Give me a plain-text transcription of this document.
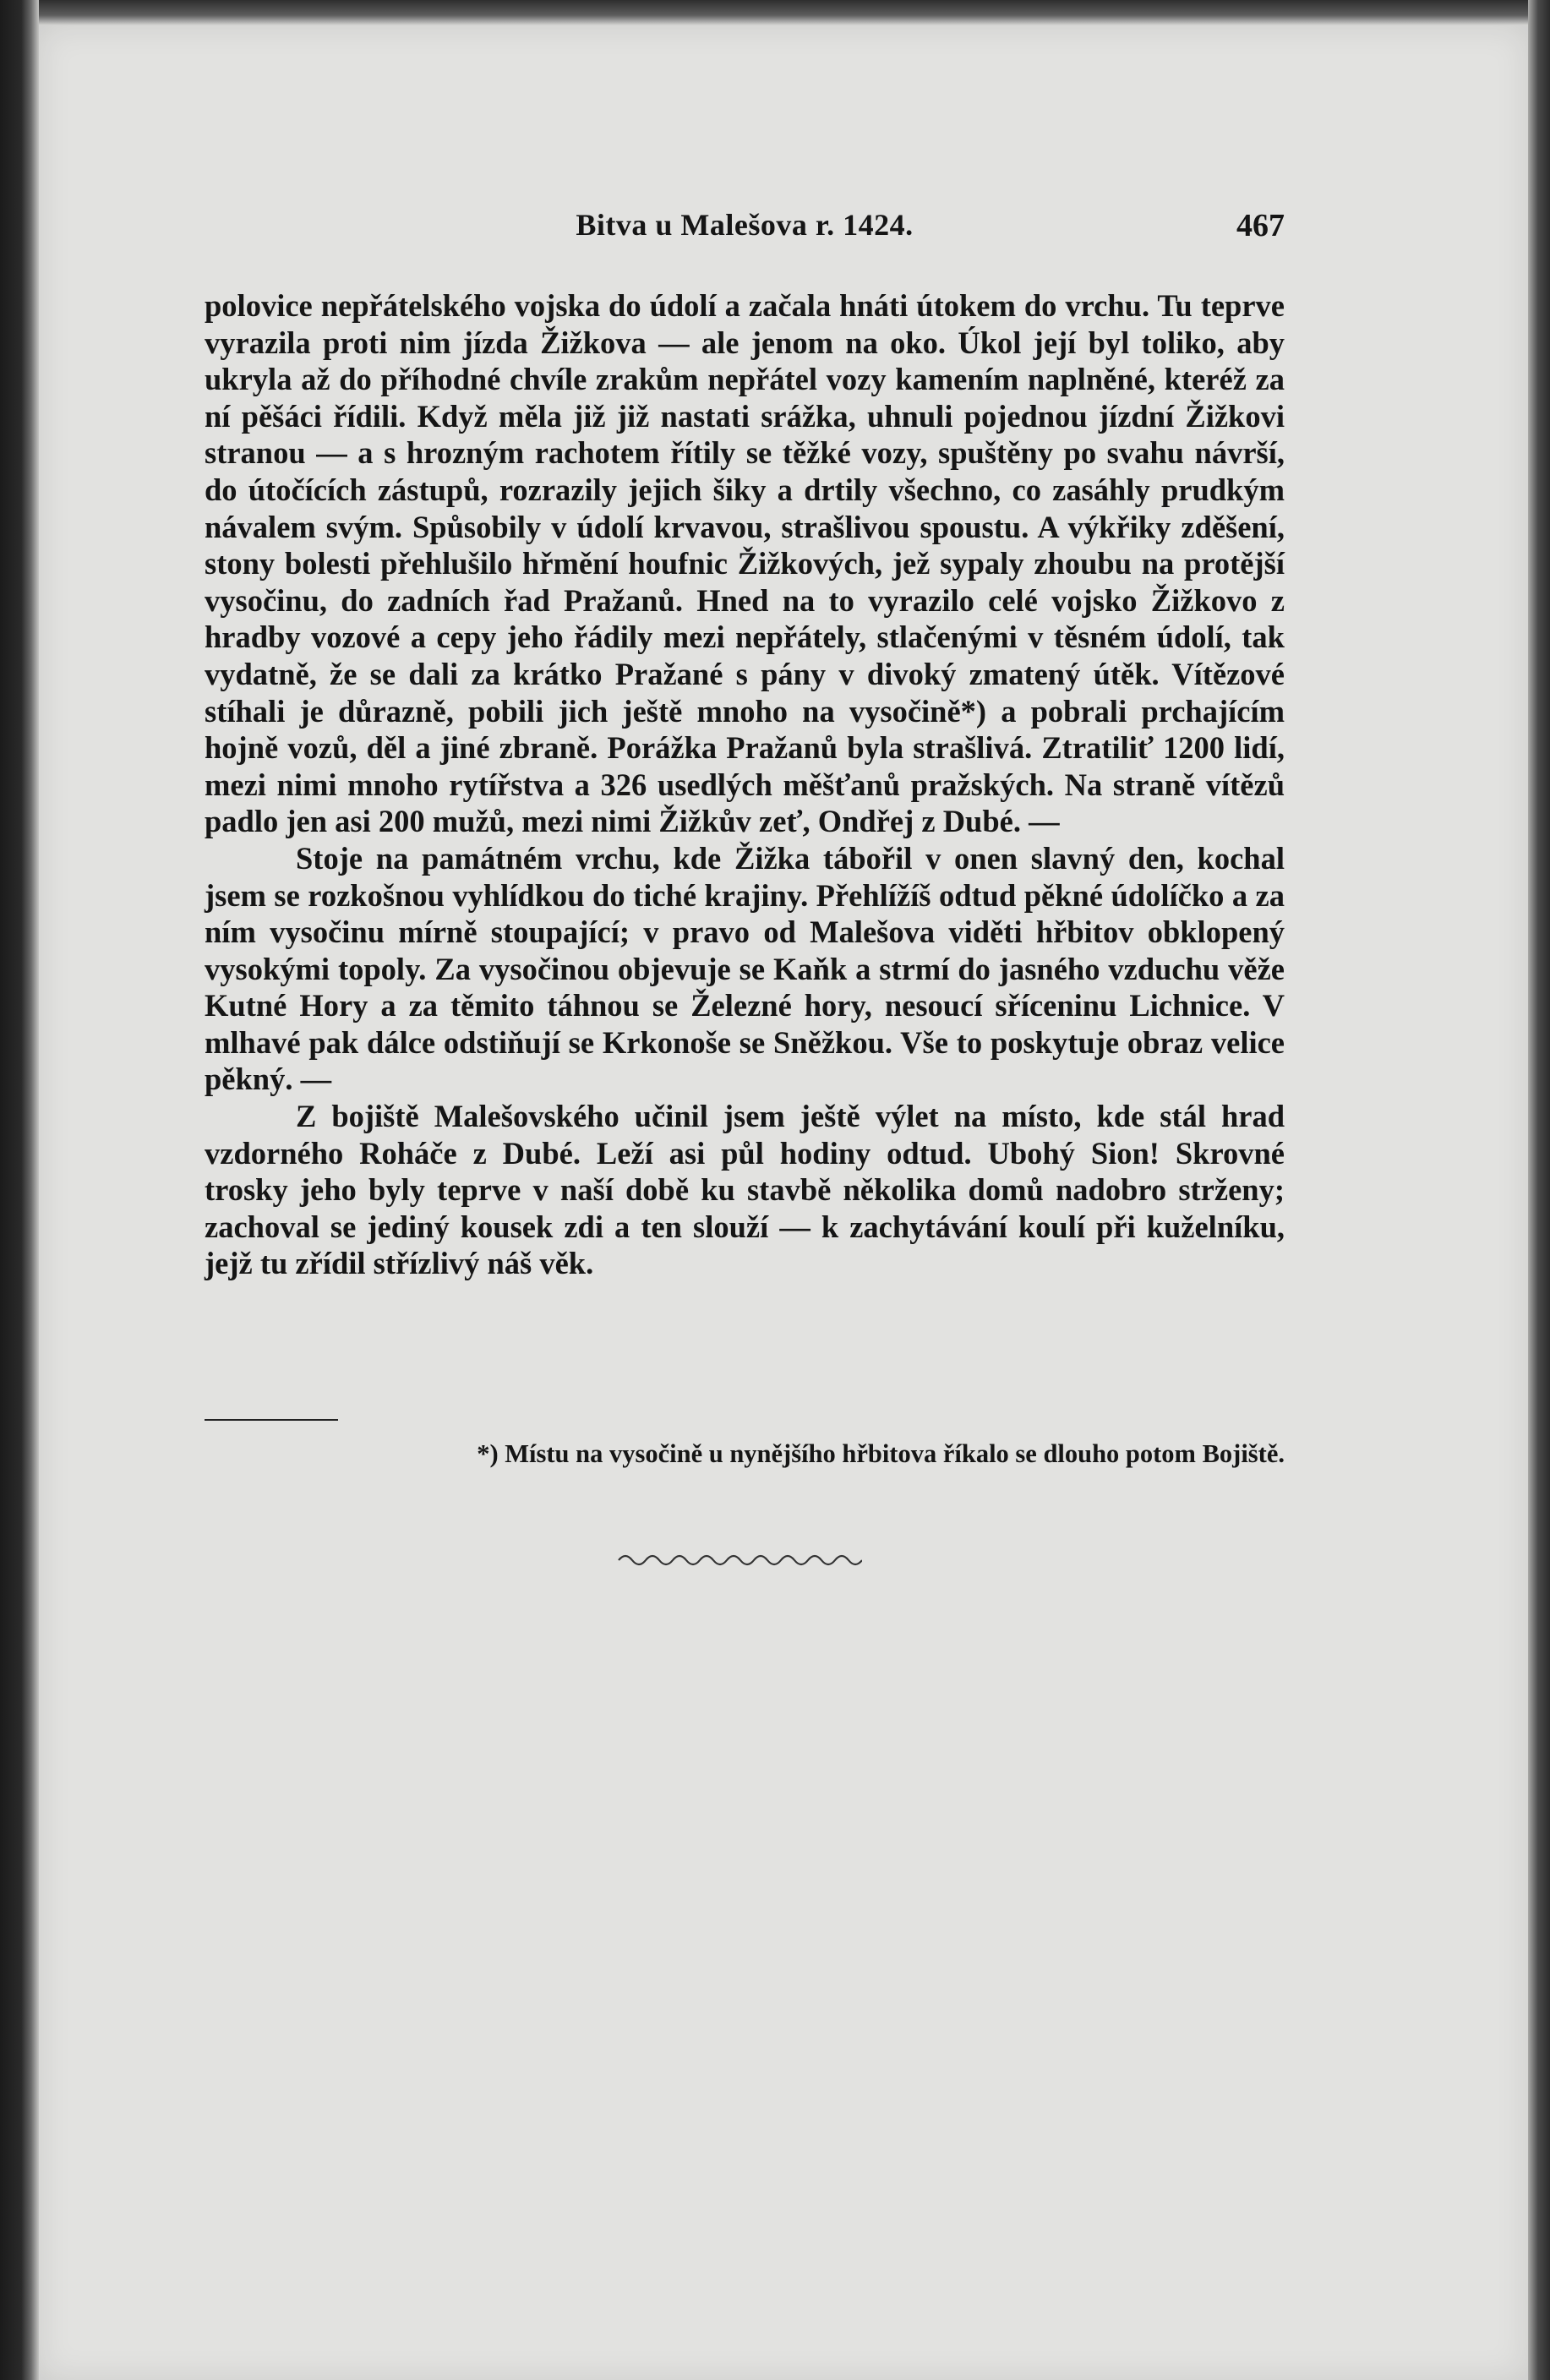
Bitva u Malešova r. 1424.	467

polovice nepřátelského vojska do údolí a začala hnáti útokem do vrchu. Tu teprve vyrazila proti nim jízda Žižkova — ale jenom na oko. Úkol její byl toliko, aby ukryla až do příhodné chvíle zrakům nepřátel vozy kamením naplněné, kteréž za ní pěšáci řídili. Když měla již již nastati srážka, uhnuli pojednou jízdní Žižkovi stranou — a s hrozným rachotem řítily se těžké vozy, spuštěny po svahu návrší, do útočících zástupů, rozrazily jejich šiky a drtily všechno, co zasáhly prudkým návalem svým. Spůsobily v údolí krvavou, strašlivou spoustu. A výkřiky zděšení, stony bolesti přehlušilo hřmění houfnic Žižkových, jež sypaly zhoubu na protější vysočinu, do zadních řad Pražanů. Hned na to vyrazilo celé vojsko Žižkovo z hradby vozové a cepy jeho řádily mezi nepřátely, stlačenými v těsném údolí, tak vydatně, že se dali za krátko Pražané s pány v divoký zmatený útěk. Vítězové stíhali je důrazně, pobili jich ještě mnoho na vysočině*) a pobrali prchajícím hojně vozů, děl a jiné zbraně. Porážka Pražanů byla strašlivá. Ztratiliť 1200 lidí, mezi nimi mnoho rytířstva a 326 usedlých měšťanů pražských. Na straně vítězů padlo jen asi 200 mužů, mezi nimi Žižkův zeť, Ondřej z Dubé. —

Stoje na památném vrchu, kde Žižka tábořil v onen slavný den, kochal jsem se rozkošnou vyhlídkou do tiché krajiny. Přehlížíš odtud pěkné údolíčko a za ním vysočinu mírně stoupající; v pravo od Malešova viděti hřbitov obklopený vysokými topoly. Za vysočinou objevuje se Kaňk a strmí do jasného vzduchu věže Kutné Hory a za těmito táhnou se Železné hory, nesoucí sříceninu Lichnice. V mlhavé pak dálce odstiňují se Krkonoše se Sněžkou. Vše to poskytuje obraz velice pěkný. —

Z bojiště Malešovského učinil jsem ještě výlet na místo, kde stál hrad vzdorného Roháče z Dubé. Leží asi půl hodiny odtud. Ubohý Sion! Skrovné trosky jeho byly teprve v naší době ku stavbě několika domů nadobro strženy; zachoval se jediný kousek zdi a ten slouží — k zachytávání koulí při kuželníku, jejž tu zřídil střízlivý náš věk.

*) Místu na vysočině u nynějšího hřbitova říkalo se dlouho potom Bojiště.
